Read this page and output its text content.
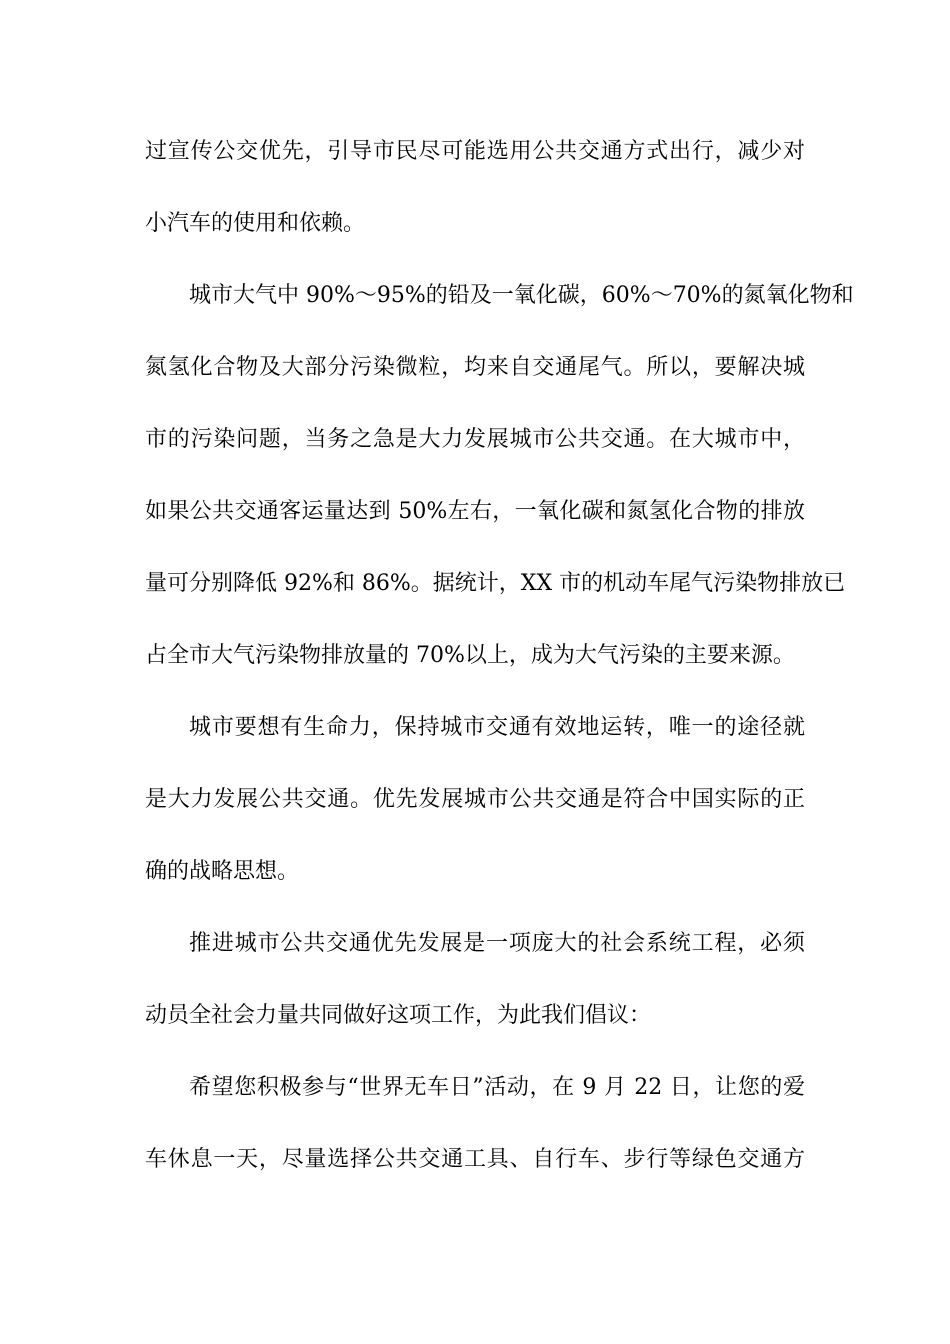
过宣传公交优先，引导市民尽可能选用公共交通方式出行，减少对
小汽车的使用和依赖。
城市大气中 90%～95%的铅及一氧化碳，60%～70%的氮氧化物和
氮氢化合物及大部分污染微粒，均来自交通尾气。所以，要解决城
市的污染问题，当务之急是大力发展城市公共交通。在大城市中，
如果公共交通客运量达到 50%左右，一氧化碳和氮氢化合物的排放
量可分别降低 92%和 86%。据统计，XX 市的机动车尾气污染物排放已
占全市大气污染物排放量的 70%以上，成为大气污染的主要来源。
城市要想有生命力，保持城市交通有效地运转，唯一的途径就
是大力发展公共交通。优先发展城市公共交通是符合中国实际的正
确的战略思想。
推进城市公共交通优先发展是一项庞大的社会系统工程，必须
动员全社会力量共同做好这项工作，为此我们倡议：
希望您积极参与“世界无车日”活动，在 9 月 22 日，让您的爱
车休息一天，尽量选择公共交通工具、自行车、步行等绿色交通方
